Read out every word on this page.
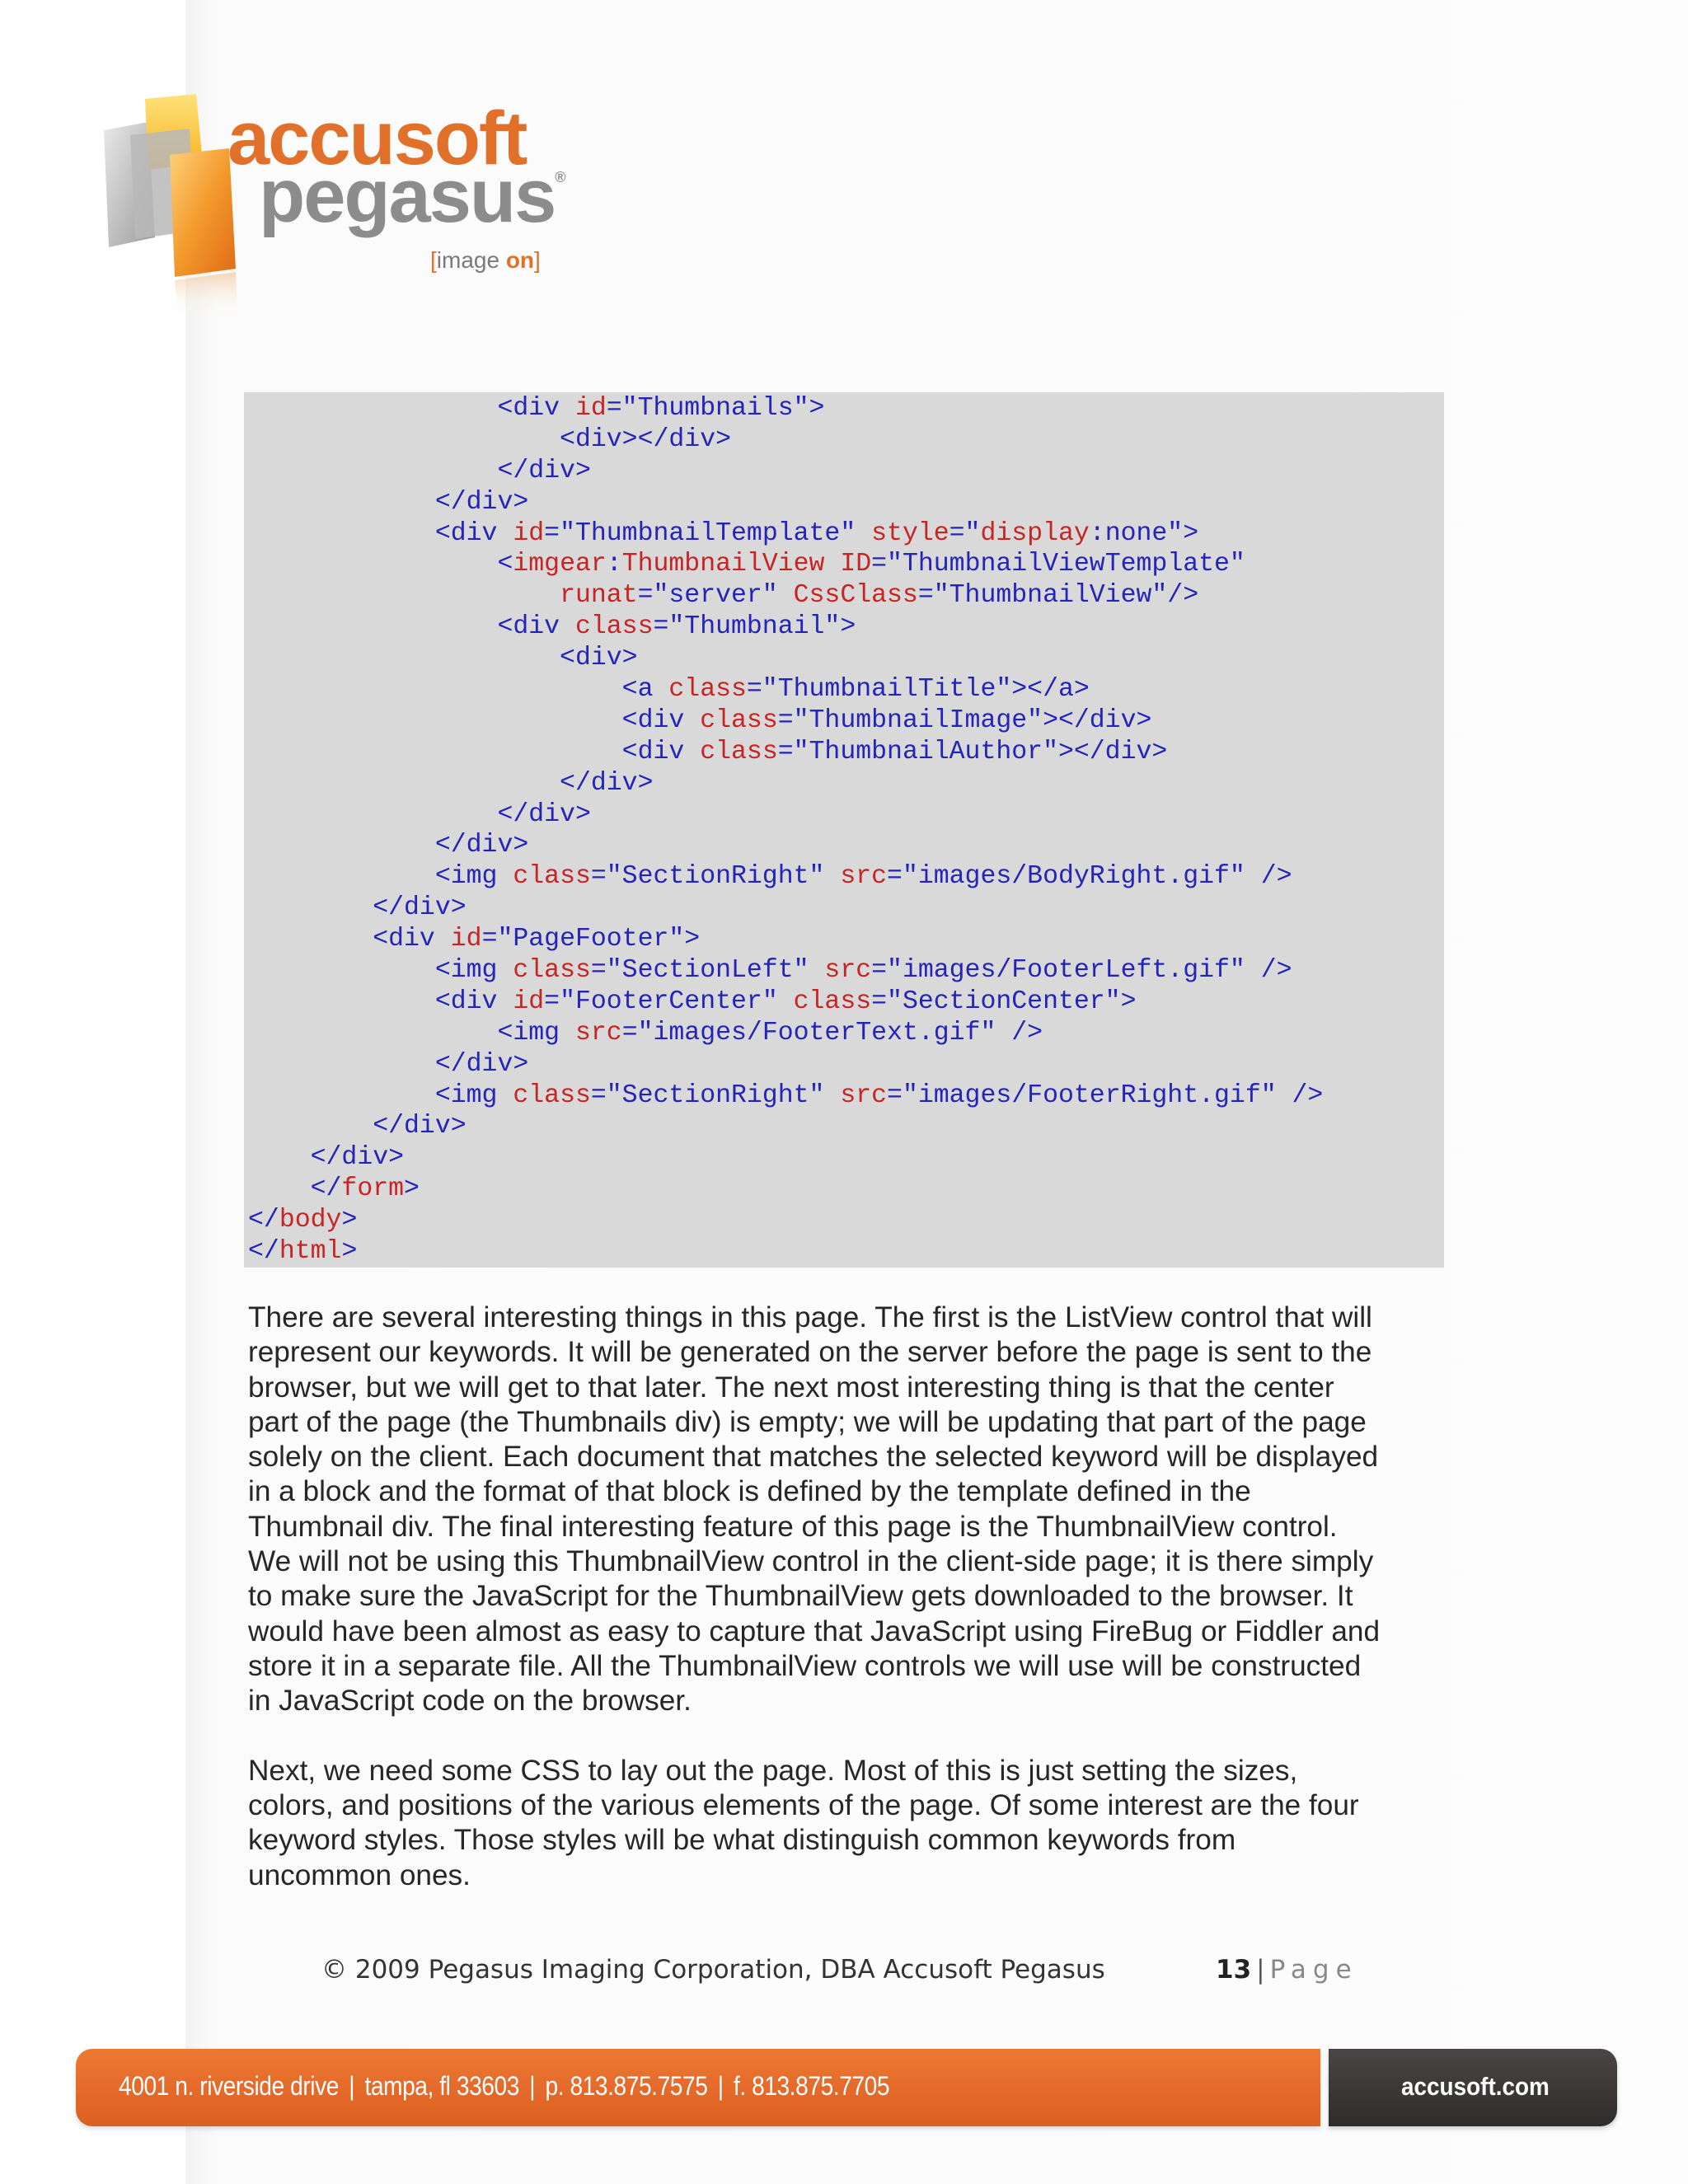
accusoft
pegasus®
[image on]
<div id="Thumbnails">
<div></div>
</div>
</div>
<div id="ThumbnailTemplate" style="display:none">
<imgear:ThumbnailView ID="ThumbnailViewTemplate"
runat="server" CssClass="ThumbnailView"/>
<div class="Thumbnail">
<div>
<a class="ThumbnailTitle"></a>
<div class="ThumbnailImage"></div>
<div class="ThumbnailAuthor"></div>
</div>
</div>
</div>
<img class="SectionRight" src="images/BodyRight.gif" />
</div>
<div id="PageFooter">
<img class="SectionLeft" src="images/FooterLeft.gif" />
<div id="FooterCenter" class="SectionCenter">
<img src="images/FooterText.gif" />
</div>
<img class="SectionRight" src="images/FooterRight.gif" />
</div>
</div>
</form>
</body>
</html>
There are several interesting things in this page. The first is the ListView control that will
represent our keywords. It will be generated on the server before the page is sent to the
browser, but we will get to that later. The next most interesting thing is that the center
part of the page (the Thumbnails div) is empty; we will be updating that part of the page
solely on the client. Each document that matches the selected keyword will be displayed
in a block and the format of that block is defined by the template defined in the
Thumbnail div. The final interesting feature of this page is the ThumbnailView control.
We will not be using this ThumbnailView control in the client-side page; it is there simply
to make sure the JavaScript for the ThumbnailView gets downloaded to the browser. It
would have been almost as easy to capture that JavaScript using FireBug or Fiddler and
store it in a separate file. All the ThumbnailView controls we will use will be constructed
in JavaScript code on the browser.
Next, we need some CSS to lay out the page. Most of this is just setting the sizes,
colors, and positions of the various elements of the page. Of some interest are the four
keyword styles. Those styles will be what distinguish common keywords from
uncommon ones.
© 2009 Pegasus Imaging Corporation, DBA Accusoft Pegasus	13 | Page
4001 n. riverside drive | tampa, fl 33603 | p. 813.875.7575 | f. 813.875.7705	accusoft.com
